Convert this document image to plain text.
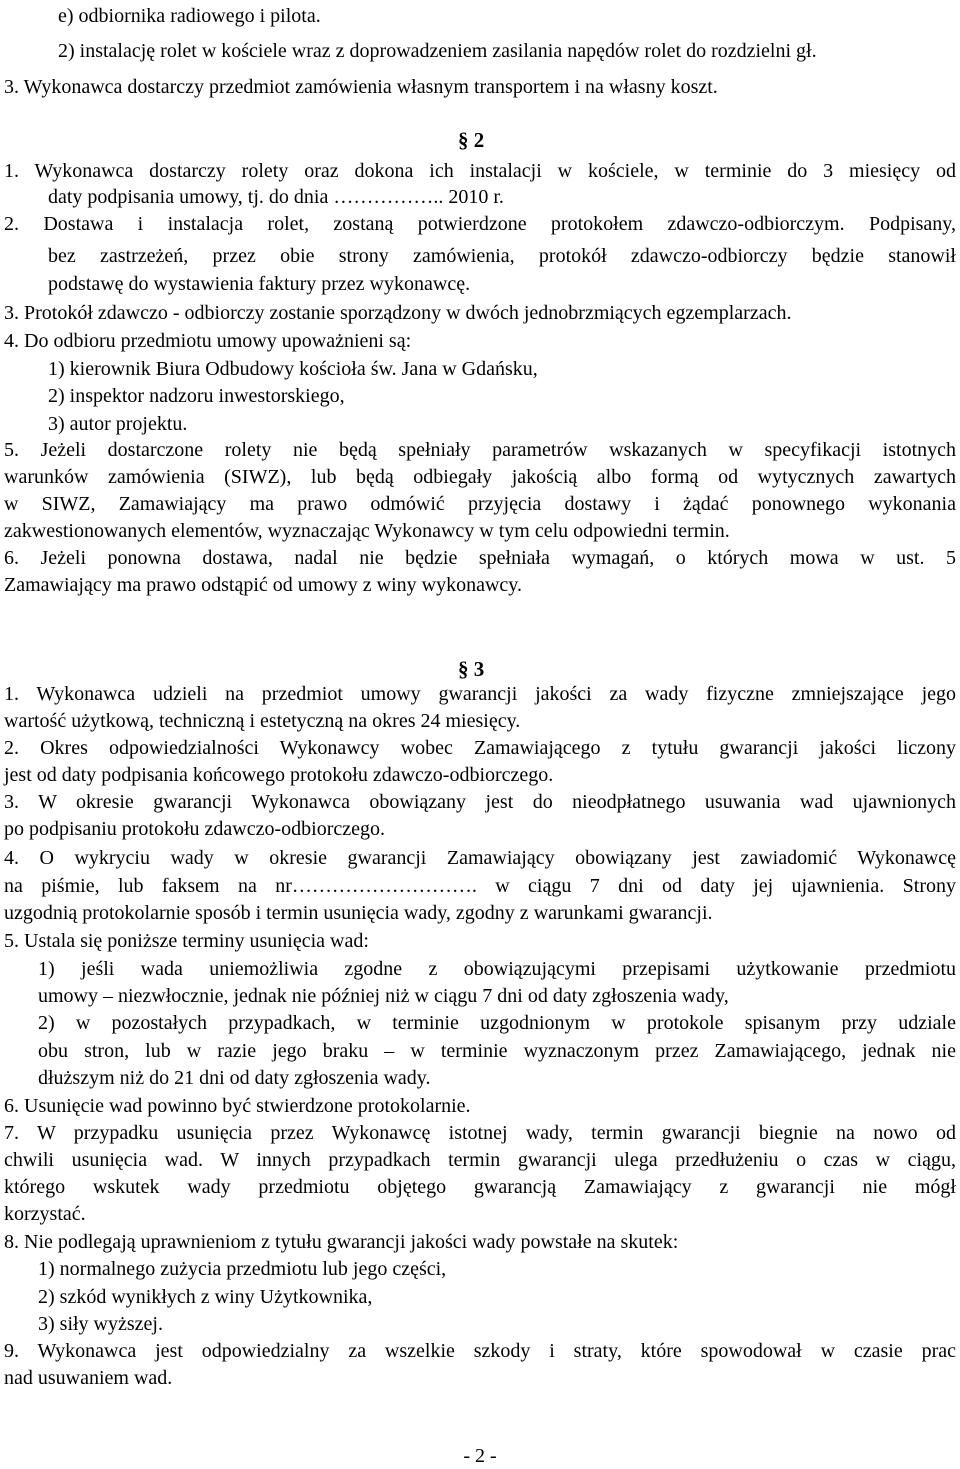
e) odbiornika radiowego i pilota.

2) instalację rolet w kościele wraz z doprowadzeniem zasilania napędów rolet do rozdzielni gł.

3. Wykonawca dostarczy przedmiot zamówienia własnym transportem i na własny koszt.

§ 2

1. Wykonawca dostarczy rolety oraz dokona ich instalacji w kościele, w terminie do 3 miesięcy od

daty podpisania umowy, tj. do dnia …………….. 2010 r.

2. Dostawa i instalacja rolet, zostaną potwierdzone protokołem zdawczo-odbiorczym. Podpisany,

bez zastrzeżeń, przez obie strony zamówienia, protokół zdawczo-odbiorczy będzie stanowił

podstawę do wystawienia faktury przez wykonawcę.

3. Protokół zdawczo - odbiorczy zostanie sporządzony w dwóch jednobrzmiących egzemplarzach.

4. Do odbioru przedmiotu umowy upoważnieni są:

1) kierownik Biura Odbudowy kościoła św. Jana w Gdańsku,

2) inspektor nadzoru inwestorskiego,

3) autor projektu.

5. Jeżeli dostarczone rolety nie będą spełniały parametrów wskazanych w specyfikacji istotnych

warunków zamówienia (SIWZ), lub będą odbiegały jakością albo formą od wytycznych zawartych

w SIWZ, Zamawiający ma prawo odmówić przyjęcia dostawy i żądać ponownego wykonania

zakwestionowanych elementów, wyznaczając Wykonawcy w tym celu odpowiedni termin.

6. Jeżeli ponowna dostawa, nadal nie będzie spełniała wymagań, o których mowa w ust. 5

Zamawiający ma prawo odstąpić od umowy z winy wykonawcy.

§ 3

1. Wykonawca udzieli na przedmiot umowy gwarancji jakości za wady fizyczne zmniejszające jego

wartość użytkową, techniczną i estetyczną na okres 24 miesięcy.

2. Okres odpowiedzialności Wykonawcy wobec Zamawiającego z tytułu gwarancji jakości liczony

jest od daty podpisania końcowego protokołu zdawczo-odbiorczego.

3. W okresie gwarancji Wykonawca obowiązany jest do nieodpłatnego usuwania wad ujawnionych

po podpisaniu protokołu zdawczo-odbiorczego.

4. O wykryciu wady w okresie gwarancji Zamawiający obowiązany jest zawiadomić Wykonawcę

na piśmie, lub faksem na nr………………………. w ciągu 7 dni od daty jej ujawnienia. Strony

uzgodnią protokolarnie sposób i termin usunięcia wady, zgodny z warunkami gwarancji.

5. Ustala się poniższe terminy usunięcia wad:

1) jeśli wada uniemożliwia zgodne z obowiązującymi przepisami użytkowanie przedmiotu

umowy – niezwłocznie, jednak nie później niż w ciągu 7 dni od daty zgłoszenia wady,

2) w pozostałych przypadkach, w terminie uzgodnionym w protokole spisanym przy udziale

obu stron, lub w razie jego braku – w terminie wyznaczonym przez Zamawiającego, jednak nie

dłuższym niż do 21 dni od daty zgłoszenia wady.

6. Usunięcie wad powinno być stwierdzone protokolarnie.

7. W przypadku usunięcia przez Wykonawcę istotnej wady, termin gwarancji biegnie na nowo od

chwili usunięcia wad. W innych przypadkach termin gwarancji ulega przedłużeniu o czas w ciągu,

którego wskutek wady przedmiotu objętego gwarancją Zamawiający z gwarancji nie mógł

korzystać.

8. Nie podlegają uprawnieniom z tytułu gwarancji jakości wady powstałe na skutek:

1) normalnego zużycia przedmiotu lub jego części,

2) szkód wynikłych z winy Użytkownika,

3) siły wyższej.

9. Wykonawca jest odpowiedzialny za wszelkie szkody i straty, które spowodował w czasie prac

nad usuwaniem wad.

- 2 -
